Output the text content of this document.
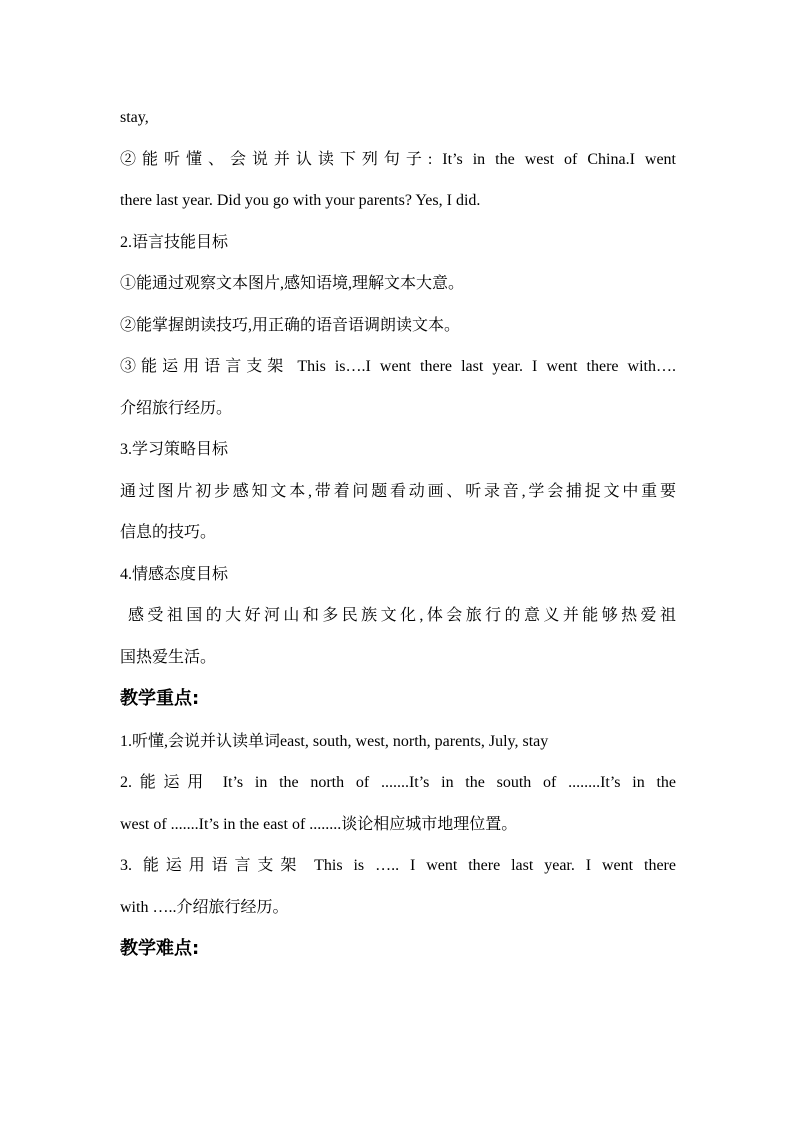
stay,
②能听懂、会说并认读下列句子: It’s in the west of China.I went
there last year. Did you go with your parents? Yes, I did.
2.语言技能目标
①能通过观察文本图片,感知语境,理解文本大意。
②能掌握朗读技巧,用正确的语音语调朗读文本。
③能运用语言支架 This is….I went there last year. I went there with….
介绍旅行经历。
3.学习策略目标
通过图片初步感知文本,带着问题看动画、听录音,学会捕捉文中重要
信息的技巧。
4.情感态度目标
感受祖国的大好河山和多民族文化,体会旅行的意义并能够热爱祖
国热爱生活。
教学重点:
1.听懂,会说并认读单词east, south, west, north, parents, July, stay
2.能运用 It’s in the north of .......It’s in the south of ........It’s in the
west of .......It’s in the east of ........谈论相应城市地理位置。
3. 能运用语言支架 This is ….. I went there last year. I went there
with …..介绍旅行经历。
教学难点:
